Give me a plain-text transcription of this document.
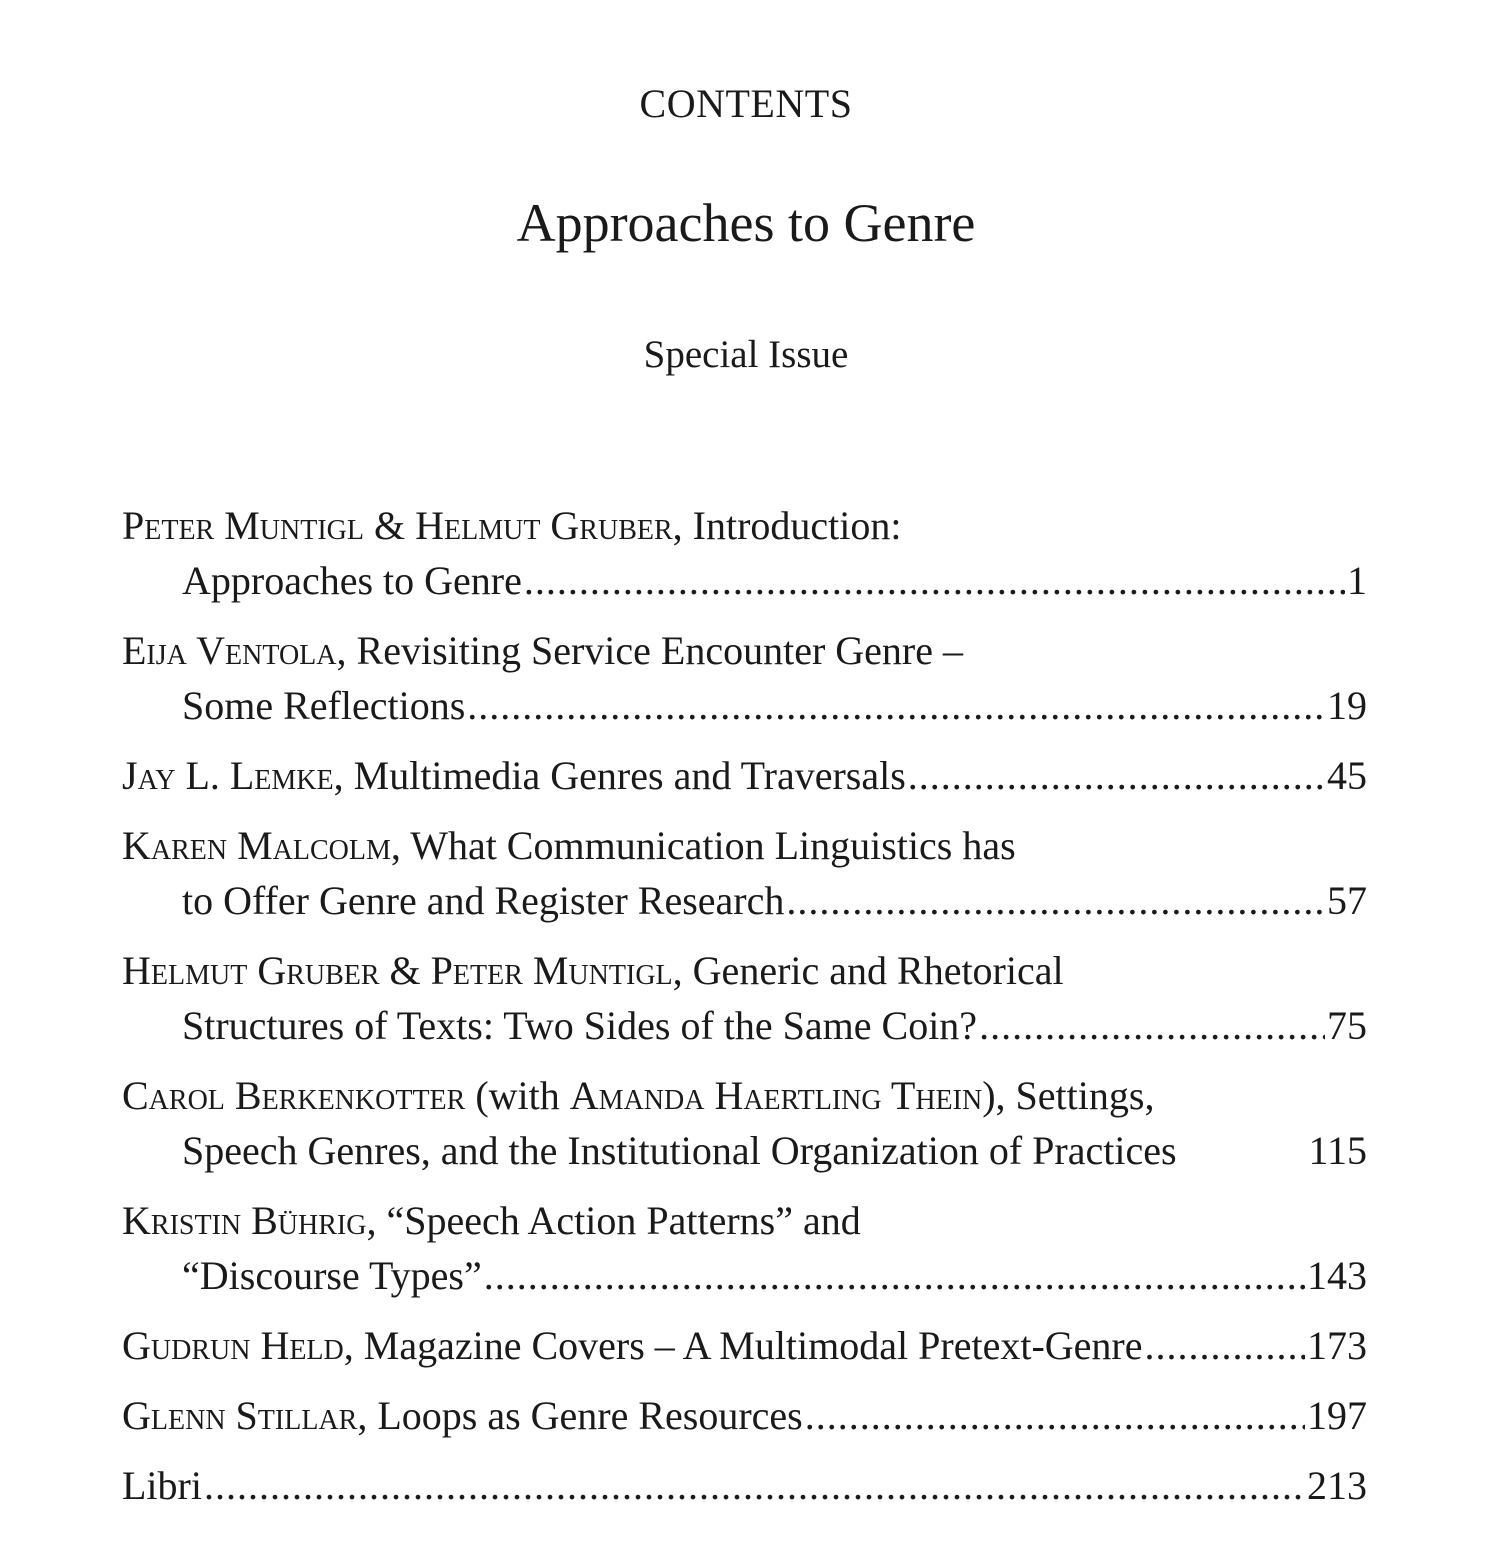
CONTENTS
Approaches to Genre
Special Issue
Peter Muntigl & Helmut Gruber, Introduction:
Approaches to Genre .....	1
Eija Ventola, Revisiting Service Encounter Genre –
Some Reflections .....	19
Jay L. Lemke, Multimedia Genres and Traversals .....	45
Karen Malcolm, What Communication Linguistics has
to Offer Genre and Register Research .....	57
Helmut Gruber & Peter Muntigl, Generic and Rhetorical
Structures of Texts: Two Sides of the Same Coin? .....	75
Carol Berkenkotter (with Amanda Haertling Thein), Settings,
Speech Genres, and the Institutional Organization of Practices	115
Kristin Bührig, “Speech Action Patterns” and
“Discourse Types” .....	143
Gudrun Held, Magazine Covers – A Multimodal Pretext-Genre .....	173
Glenn Stillar, Loops as Genre Resources .....	197
Libri .....	213
